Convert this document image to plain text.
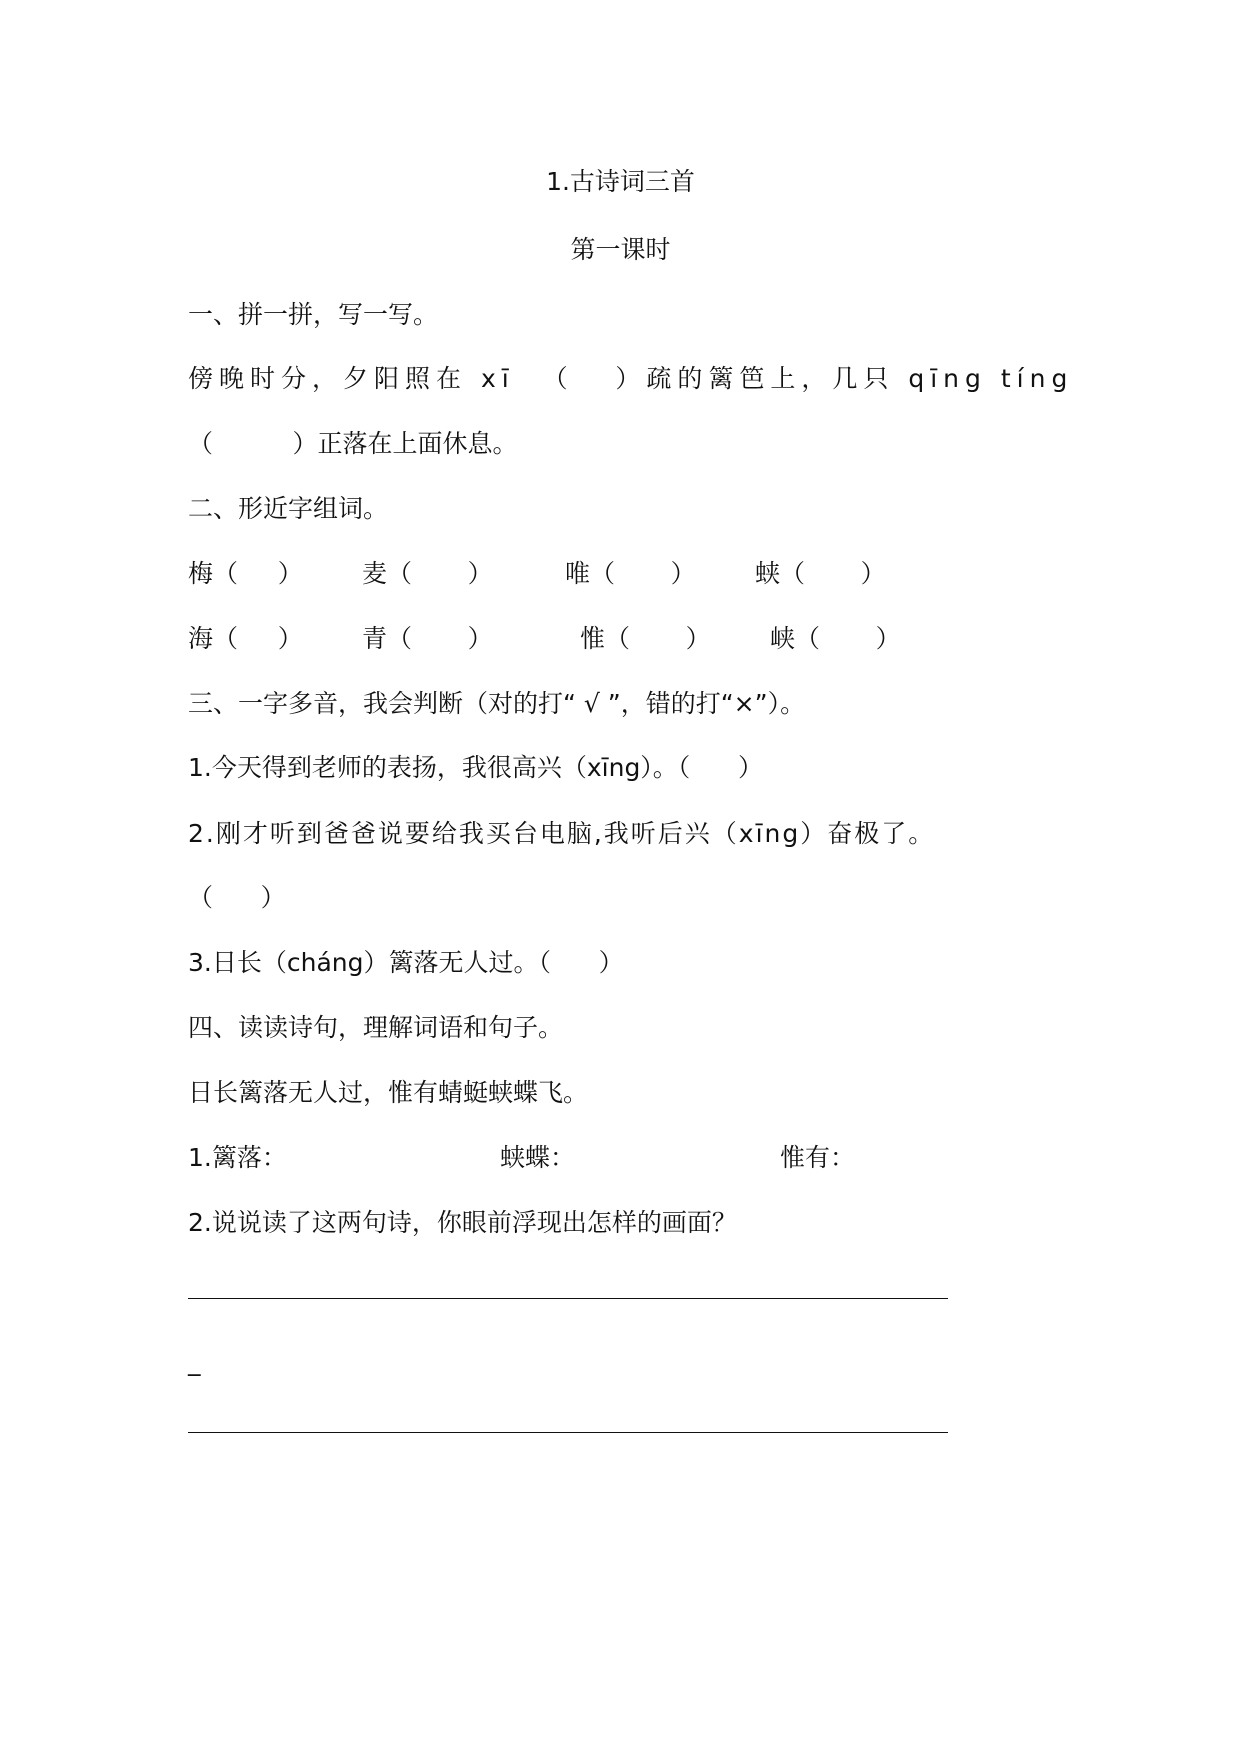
1.古诗词三首
第一课时
一、拼一拼，写一写。
傍晚时分，夕阳照在 xī  （   ）疏的篱笆上，几只 qīng tíng
（          ）正落在上面休息。
二、形近字组词。
梅（     ） 麦（       ）	唯（       ） 蛱（       ）
海（     ） 青（       ）	惟（       ） 峡（       ）
三、一字多音，我会判断（对的打“ √ ”，错的打“×”）。
1.今天得到老师的表扬，我很高兴（xīng）。（      ）
2.刚才听到爸爸说要给我买台电脑,我听后兴（xīng）奋极了。
（      ）
3.日长（cháng）篱落无人过。（      ）
四、读读诗句，理解词语和句子。
日长篱落无人过，惟有蜻蜓蛱蝶飞。
1.篱落：	蛱蝶：	惟有：
2.说说读了这两句诗，你眼前浮现出怎样的画面？
_
